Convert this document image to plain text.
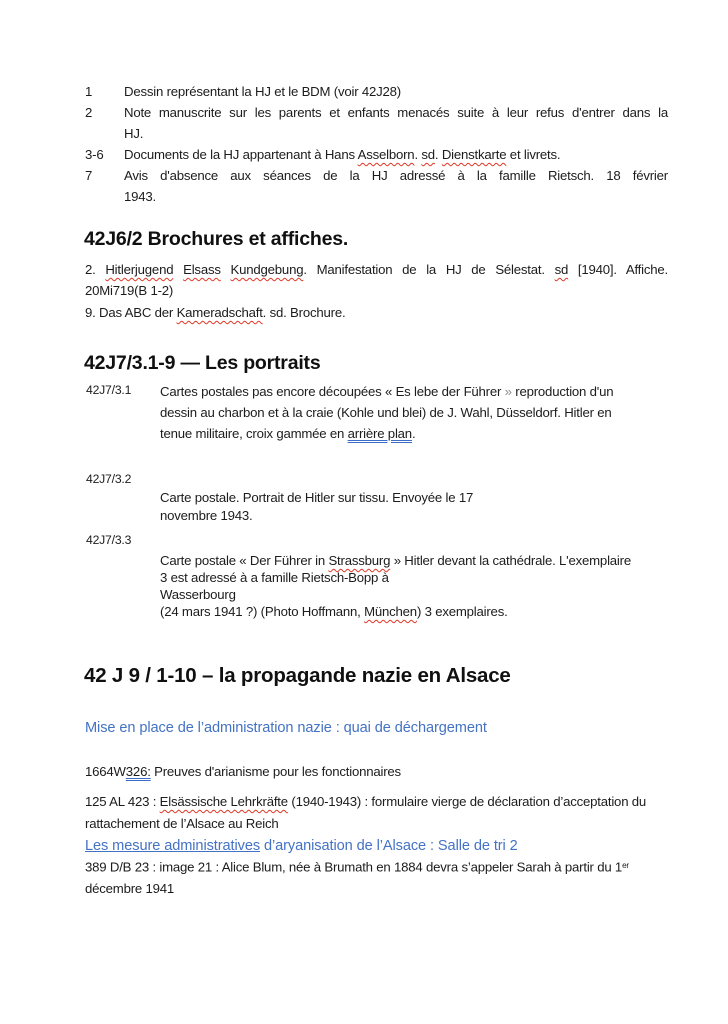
1	Dessin représentant la HJ et le BDM (voir 42J28)
2	Note manuscrite sur les parents et enfants menacés suite à leur refus d'entrer dans la
HJ.
3-6	Documents de la HJ appartenant à Hans Asselborn. sd. Dienstkarte et livrets.
7	Avis d'absence aux séances de la HJ adressé à la famille Rietsch. 18 février
1943.
42J6/2 Brochures et affiches.
2. Hitlerjugend Elsass Kundgebung. Manifestation de la HJ de Sélestat. sd [1940]. Affiche.
20Mi719(B 1-2)
9. Das ABC der Kameradschaft. sd. Brochure.
42J7/3.1-9 — Les portraits
42J7/3.1 Cartes postales pas encore découpées « Es lebe der Führer » reproduction d'un
dessin au charbon et à la craie (Kohle und blei) de J. Wahl, Düsseldorf. Hitler en
tenue militaire, croix gammée en arrière plan.
42J7/3.2
Carte postale. Portrait de Hitler sur tissu. Envoyée le 17
novembre 1943.
42J7/3.3
Carte postale « Der Führer in Strassburg » Hitler devant la cathédrale. L'exemplaire
3 est adressé à a famille Rietsch-Bopp à
Wasserbourg
(24 mars 1941 ?) (Photo Hoffmann, München) 3 exemplaires.
42 J 9 / 1-10 – la propagande nazie en Alsace
Mise en place de l’administration nazie : quai de déchargement
1664W326: Preuves d'arianisme pour les fonctionnaires
125 AL 423 : Elsässische Lehrkräfte (1940-1943) : formulaire vierge de déclaration d’acceptation du
rattachement de l’Alsace au Reich
Les mesure administratives d’aryanisation de l’Alsace : Salle de tri 2
389 D/B 23 : image 21 : Alice Blum, née à Brumath en 1884 devra s’appeler Sarah à partir du 1er
décembre 1941
